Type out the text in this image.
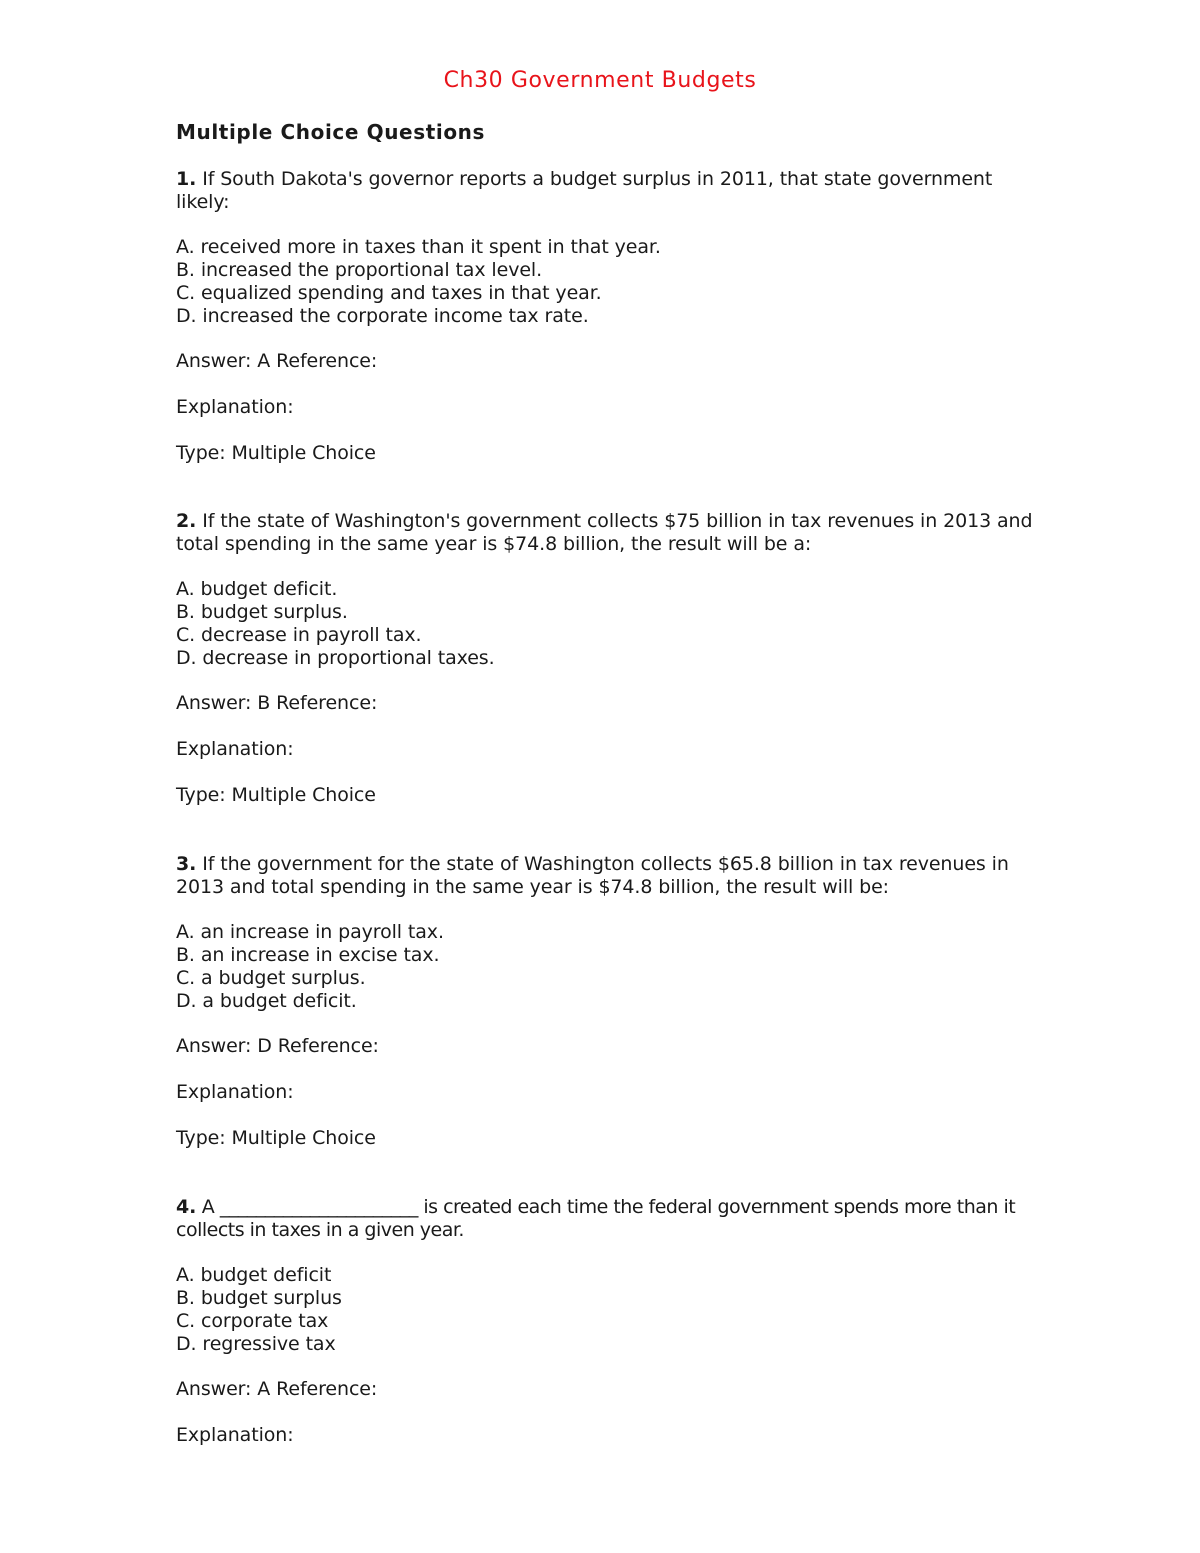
Ch30 Government Budgets
Multiple Choice Questions

1. If South Dakota's governor reports a budget surplus in 2011, that state government likely:

A. received more in taxes than it spent in that year.

B. increased the proportional tax level.

C. equalized spending and taxes in that year.

D. increased the corporate income tax rate.

Answer: A Reference:

Explanation:

Type: Multiple Choice

2. If the state of Washington's government collects $75 billion in tax revenues in 2013 and total spending in the same year is $74.8 billion, the result will be a:

A. budget deficit.

B. budget surplus.

C. decrease in payroll tax.

D. decrease in proportional taxes.

Answer: B Reference:

Explanation:

Type: Multiple Choice

3. If the government for the state of Washington collects $65.8 billion in tax revenues in 2013 and total spending in the same year is $74.8 billion, the result will be:

A. an increase in payroll tax.

B. an increase in excise tax.

C. a budget surplus.

D. a budget deficit.

Answer: D Reference:

Explanation:

Type: Multiple Choice

4. A ______________________ is created each time the federal government spends more than it collects in taxes in a given year.

A. budget deficit

B. budget surplus

C. corporate tax

D. regressive tax

Answer: A Reference:

Explanation:
